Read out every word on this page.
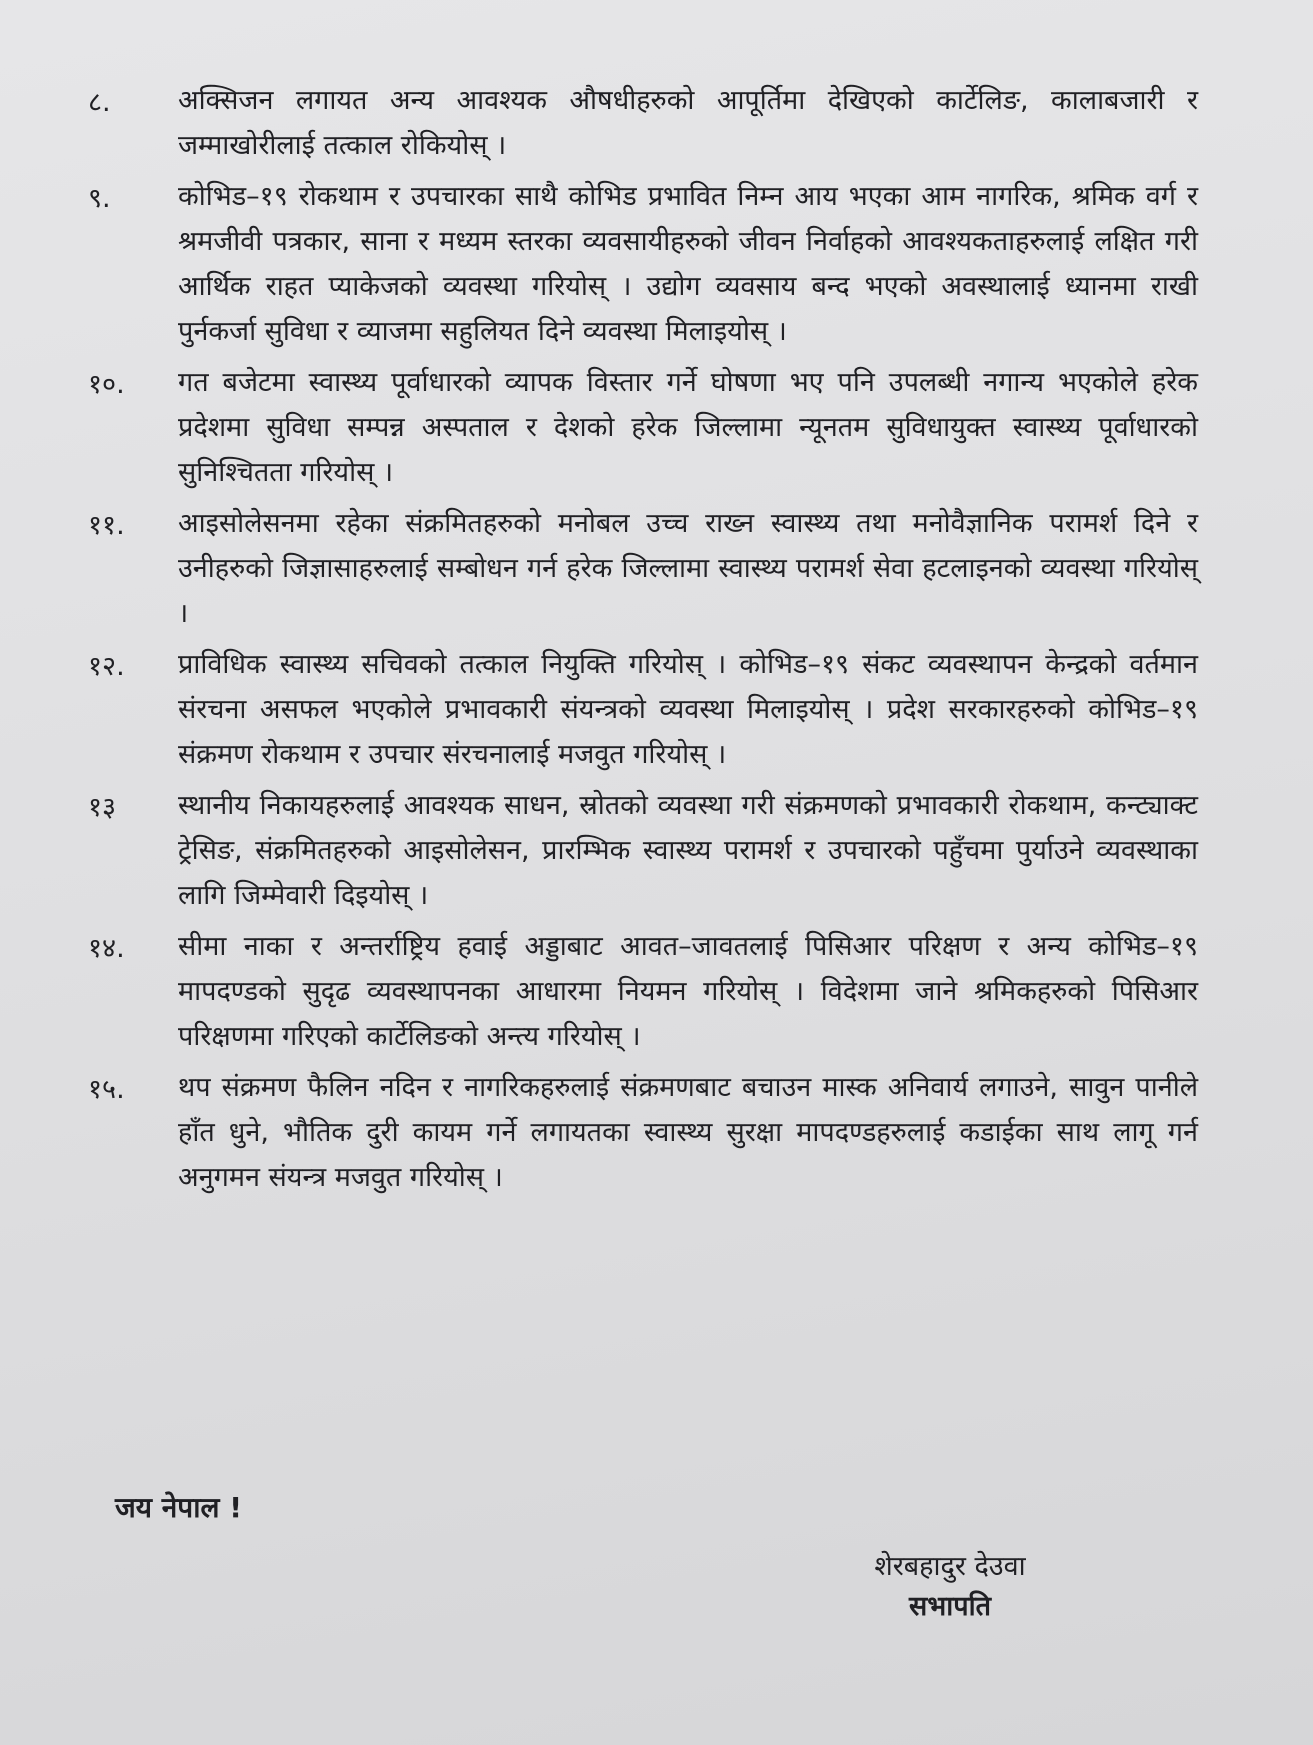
८.	अक्सिजन लगायत अन्य आवश्यक औषधीहरुको आपूर्तिमा देखिएको कार्टेलिङ, कालाबजारी र जम्माखोरीलाई तत्काल रोकियोस् ।
९.	कोभिड–१९ रोकथाम र उपचारका साथै कोभिड प्रभावित निम्न आय भएका आम नागरिक, श्रमिक वर्ग र श्रमजीवी पत्रकार, साना र मध्यम स्तरका व्यवसायीहरुको जीवन निर्वाहको आवश्यकताहरुलाई लक्षित गरी आर्थिक राहत प्याकेजको व्यवस्था गरियोस् । उद्योग व्यवसाय बन्द भएको अवस्थालाई ध्यानमा राखी पुर्नकर्जा सुविधा र व्याजमा सहुलियत दिने व्यवस्था मिलाइयोस् ।
१०.	गत बजेटमा स्वास्थ्य पूर्वाधारको व्यापक विस्तार गर्ने घोषणा भए पनि उपलब्धी नगान्य भएकोले हरेक प्रदेशमा सुविधा सम्पन्न अस्पताल र देशको हरेक जिल्लामा न्यूनतम सुविधायुक्त स्वास्थ्य पूर्वाधारको सुनिश्चितता गरियोस् ।
११.	आइसोलेसनमा रहेका संक्रमितहरुको मनोबल उच्च राख्न स्वास्थ्य तथा मनोवैज्ञानिक परामर्श दिने र उनीहरुको जिज्ञासाहरुलाई सम्बोधन गर्न हरेक जिल्लामा स्वास्थ्य परामर्श सेवा हटलाइनको व्यवस्था गरियोस् ।
१२.	प्राविधिक स्वास्थ्य सचिवको तत्काल नियुक्ति गरियोस् । कोभिड–१९ संकट व्यवस्थापन केन्द्रको वर्तमान संरचना असफल भएकोले प्रभावकारी संयन्त्रको व्यवस्था मिलाइयोस् । प्रदेश सरकारहरुको कोभिड–१९ संक्रमण रोकथाम र उपचार संरचनालाई मजवुत गरियोस् ।
१३	स्थानीय निकायहरुलाई आवश्यक साधन, स्रोतको व्यवस्था गरी संक्रमणको प्रभावकारी रोकथाम, कन्ट्याक्ट ट्रेसिङ, संक्रमितहरुको आइसोलेसन, प्रारम्भिक स्वास्थ्य परामर्श र उपचारको पहुँचमा पुर्याउने व्यवस्थाका लागि जिम्मेवारी दिइयोस् ।
१४.	सीमा नाका र अन्तर्राष्ट्रिय हवाई अड्डाबाट आवत–जावतलाई पिसिआर परिक्षण र अन्य कोभिड–१९ मापदण्डको सुदृढ व्यवस्थापनका आधारमा नियमन गरियोस् । विदेशमा जाने श्रमिकहरुको पिसिआर परिक्षणमा गरिएको कार्टेलिङको अन्त्य गरियोस् ।
१५.	थप संक्रमण फैलिन नदिन र नागरिकहरुलाई संक्रमणबाट बचाउन मास्क अनिवार्य लगाउने, सावुन पानीले हाँत धुने, भौतिक दुरी कायम गर्ने लगायतका स्वास्थ्य सुरक्षा मापदण्डहरुलाई कडाईका साथ लागू गर्न अनुगमन संयन्त्र मजवुत गरियोस् ।
जय नेपाल !
शेरबहादुर देउवा
सभापति
